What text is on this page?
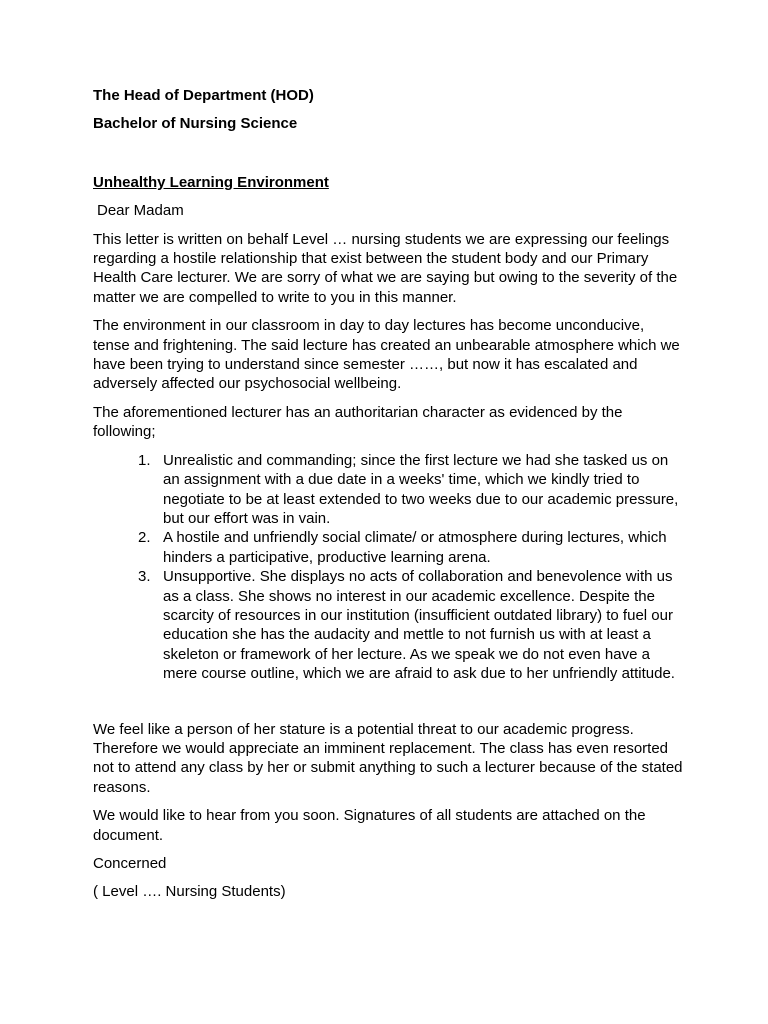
The Head of Department (HOD)

Bachelor of Nursing Science

Unhealthy Learning Environment

Dear Madam

This letter is written on behalf Level … nursing students we are expressing our feelings regarding a hostile relationship that exist between the student body and our Primary Health Care lecturer. We are sorry of what we are saying but owing to the severity of the matter we are compelled to write to you in this manner.

The environment in our classroom in day to day lectures has become unconducive, tense and frightening. The said lecture has created an unbearable atmosphere which we have been trying to understand since semester ……, but now it has escalated and adversely affected our psychosocial wellbeing.

The aforementioned lecturer has an authoritarian character as evidenced by the following;

1. Unrealistic and commanding; since the first lecture we had she tasked us on an assignment with a due date in a weeks' time, which we kindly tried to negotiate to be at least extended to two weeks due to our academic pressure, but our effort was in vain.
2. A hostile and unfriendly social climate/ or atmosphere during lectures, which hinders a participative, productive learning arena.
3. Unsupportive. She displays no acts of collaboration and benevolence with us as a class. She shows no interest in our academic excellence. Despite the scarcity of resources in our institution (insufficient outdated library) to fuel our education she has the audacity and mettle to not furnish us with at least a skeleton or framework of her lecture. As we speak we do not even have a mere course outline, which we are afraid to ask due to her unfriendly attitude.

We feel like a person of her stature is a potential threat to our academic progress. Therefore we would appreciate an imminent replacement. The class has even resorted not to attend any class by her or submit anything to such a lecturer because of the stated reasons.

We would like to hear from you soon. Signatures of all students are attached on the document.

Concerned

( Level …. Nursing Students)
